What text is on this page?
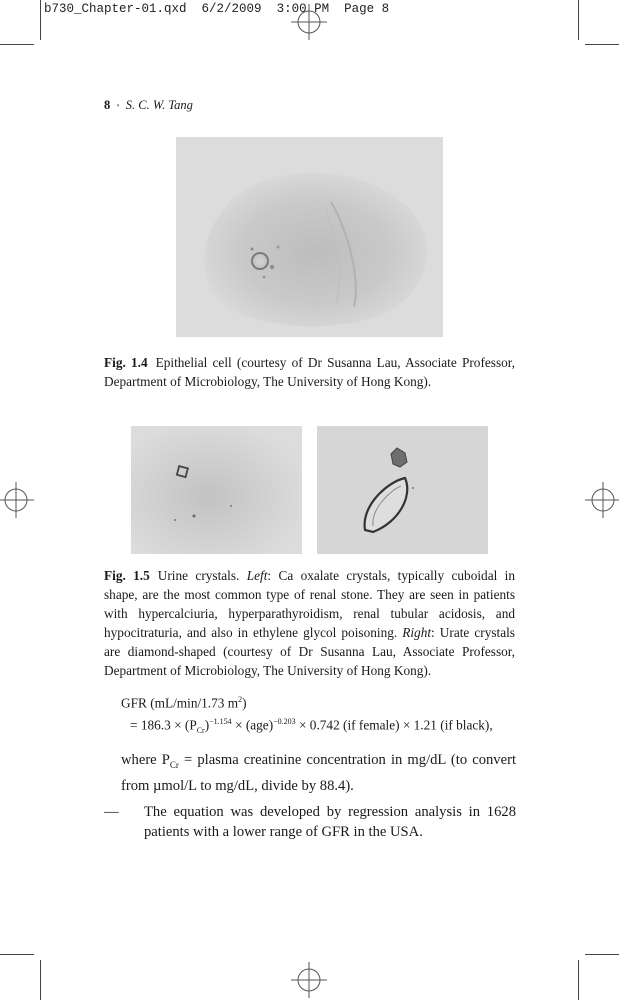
b730_Chapter-01.qxd 6/2/2009 3:00 PM Page 8
8 • S. C. W. Tang
Fig. 1.4 Epithelial cell (courtesy of Dr Susanna Lau, Associate Professor, Department of Microbiology, The University of Hong Kong).
Fig. 1.5 Urine crystals. Left: Ca oxalate crystals, typically cuboidal in shape, are the most common type of renal stone. They are seen in patients with hypercalciuria, hyperparathyroidism, renal tubular acidosis, and hypocitraturia, and also in ethylene glycol poisoning. Right: Urate crystals are diamond-shaped (courtesy of Dr Susanna Lau, Associate Professor, Department of Microbiology, The University of Hong Kong).
GFR (mL/min/1.73 $m^2$)
= $186.3 \times (P_{Cr})^{-1.154} \times (age)^{-0.203} \times 0.742$ (if female) × 1.21 (if black),
where $P_{Cr}$ = plasma creatinine concentration in mg/dL (to convert from µmol/L to mg/dL, divide by 88.4).
— The equation was developed by regression analysis in 1628 patients with a lower range of GFR in the USA.
